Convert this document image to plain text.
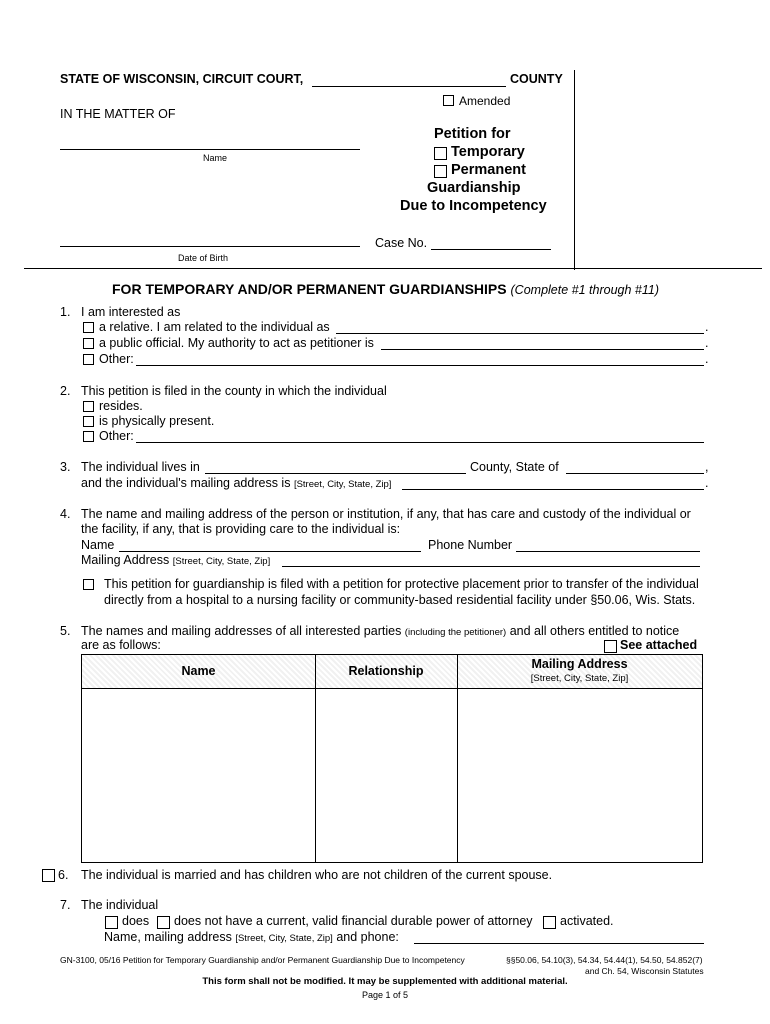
STATE OF WISCONSIN, CIRCUIT COURT,	COUNTY
Amended
IN THE MATTER OF
Name
Petition for
Temporary
Permanent
Guardianship
Due to Incompetency
Date of Birth
Case No.
FOR TEMPORARY AND/OR PERMANENT GUARDIANSHIPS (Complete #1 through #11)
1. I am interested as
a relative. I am related to the individual as	.
a public official. My authority to act as petitioner is	.
Other:	.
2. This petition is filed in the county in which the individual
resides.
is physically present.
Other:
3. The individual lives in	County, State of	,
and the individual's mailing address is [Street, City, State, Zip]	.
4. The name and mailing address of the person or institution, if any, that has care and custody of the individual or
the facility, if any, that is providing care to the individual is:
Name	Phone Number
Mailing Address [Street, City, State, Zip]
This petition for guardianship is filed with a petition for protective placement prior to transfer of the individual
directly from a hospital to a nursing facility or community-based residential facility under §50.06, Wis. Stats.
5. The names and mailing addresses of all interested parties (including the petitioner) and all others entitled to notice
are as follows:	See attached
Name	Relationship	Mailing Address
[Street, City, State, Zip]
6. The individual is married and has children who are not children of the current spouse.
7. The individual
does does not have a current, valid financial durable power of attorney activated.
Name, mailing address [Street, City, State, Zip] and phone:
GN-3100, 05/16 Petition for Temporary Guardianship and/or Permanent Guardianship Due to Incompetency	§§50.06, 54.10(3), 54.34, 54.44(1), 54.50, 54.852(7)
and Ch. 54, Wisconsin Statutes
This form shall not be modified. It may be supplemented with additional material.
Page 1 of 5
